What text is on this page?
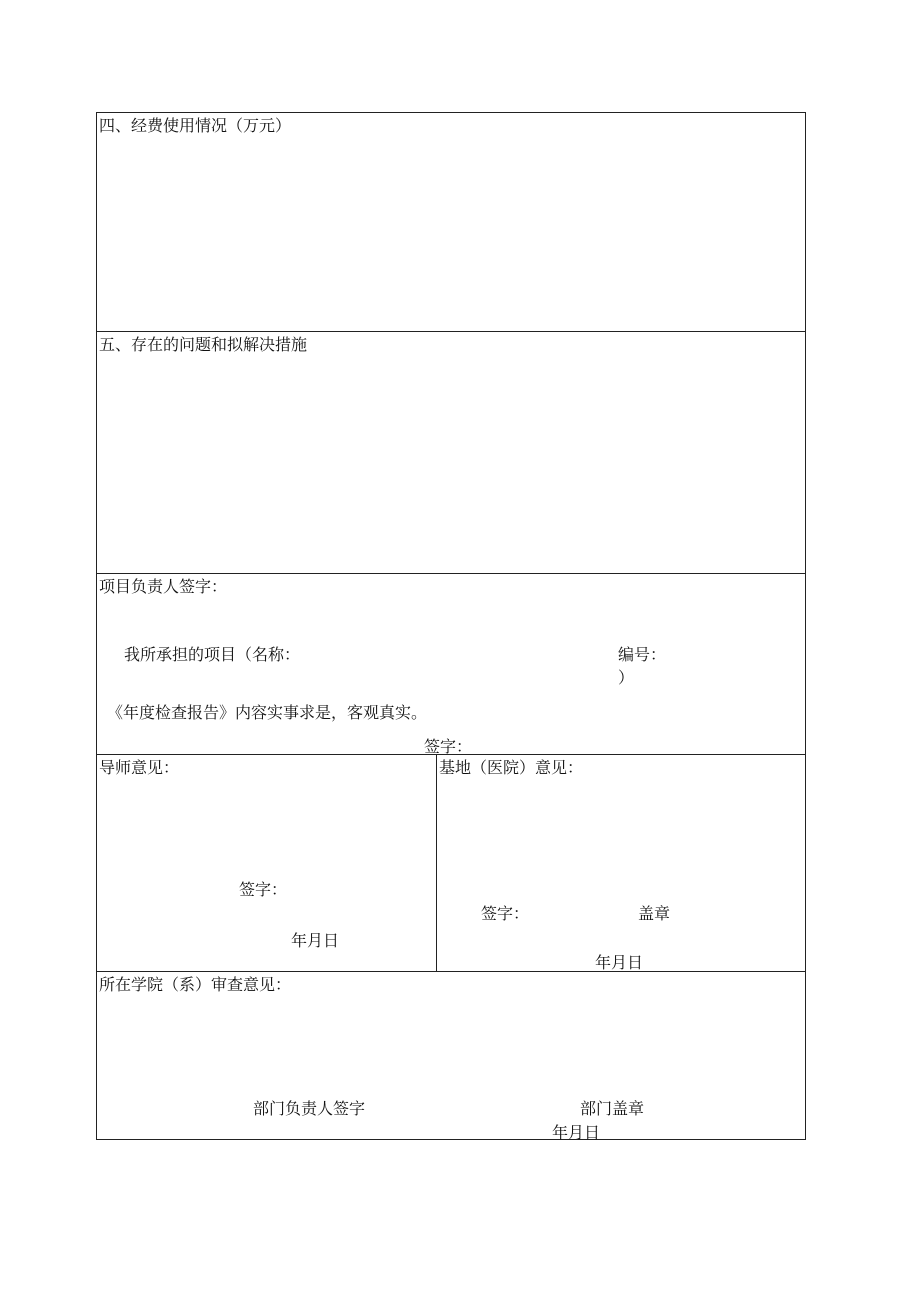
四、经费使用情况（万元）
五、存在的问题和拟解决措施
项目负责人签字：
我所承担的项目（名称：	编号：
）
《年度检查报告》内容实事求是，客观真实。
签字：
导师意见：
签字：
年月日
基地（医院）意见：
签字：	盖章
年月日
所在学院（系）审查意见：
部门负责人签字	部门盖章
年月日
